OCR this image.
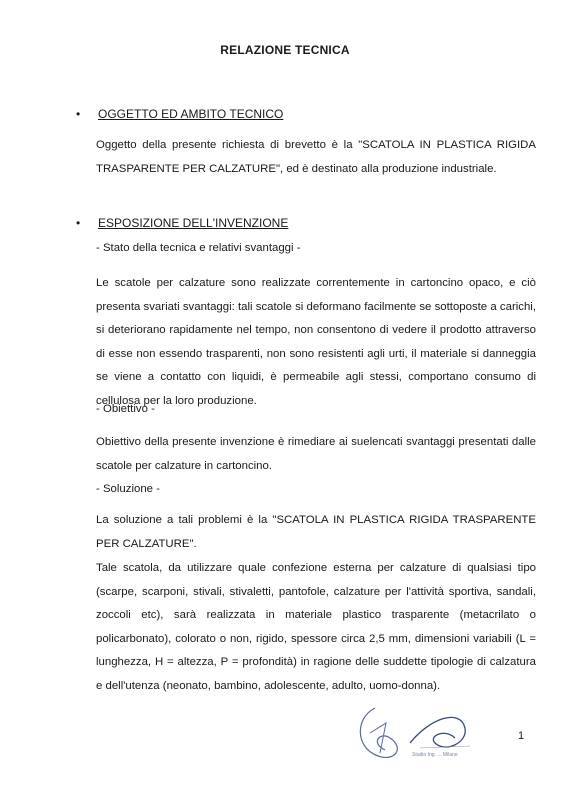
RELAZIONE TECNICA
• OGGETTO ED AMBITO TECNICO
Oggetto della presente richiesta di brevetto è la "SCATOLA IN PLASTICA RIGIDA TRASPARENTE PER CALZATURE", ed è destinato alla produzione industriale.
• ESPOSIZIONE DELL'INVENZIONE
- Stato della tecnica e relativi svantaggi -
Le scatole per calzature sono realizzate correntemente in cartoncino opaco, e ciò presenta svariati svantaggi: tali scatole si deformano facilmente se sottoposte a carichi, si deteriorano rapidamente nel tempo, non consentono di vedere il prodotto attraverso di esse non essendo trasparenti, non sono resistenti agli urti, il materiale si danneggia se viene a contatto con liquidi, è permeabile agli stessi, comportano consumo di cellulosa per la loro produzione.
- Obiettivo -
Obiettivo della presente invenzione è rimediare ai suelencati svantaggi presentati dalle scatole per calzature in cartoncino.
- Soluzione -
La soluzione a tali problemi è la "SCATOLA IN PLASTICA RIGIDA TRASPARENTE PER CALZATURE".
Tale scatola, da utilizzare quale confezione esterna per calzature di qualsiasi tipo (scarpe, scarponi, stivali, stivaletti, pantofole, calzature per l'attività sportiva, sandali, zoccoli etc), sarà realizzata in materiale plastico trasparente (metacrilato o policarbonato), colorato o non, rigido, spessore circa 2,5 mm, dimensioni variabili (L = lunghezza, H = altezza, P = profondità) in ragione delle suddette tipologie di calzatura e dell'utenza (neonato, bambino, adolescente, adulto, uomo-donna).
Studio Ing. ... Milano
1
